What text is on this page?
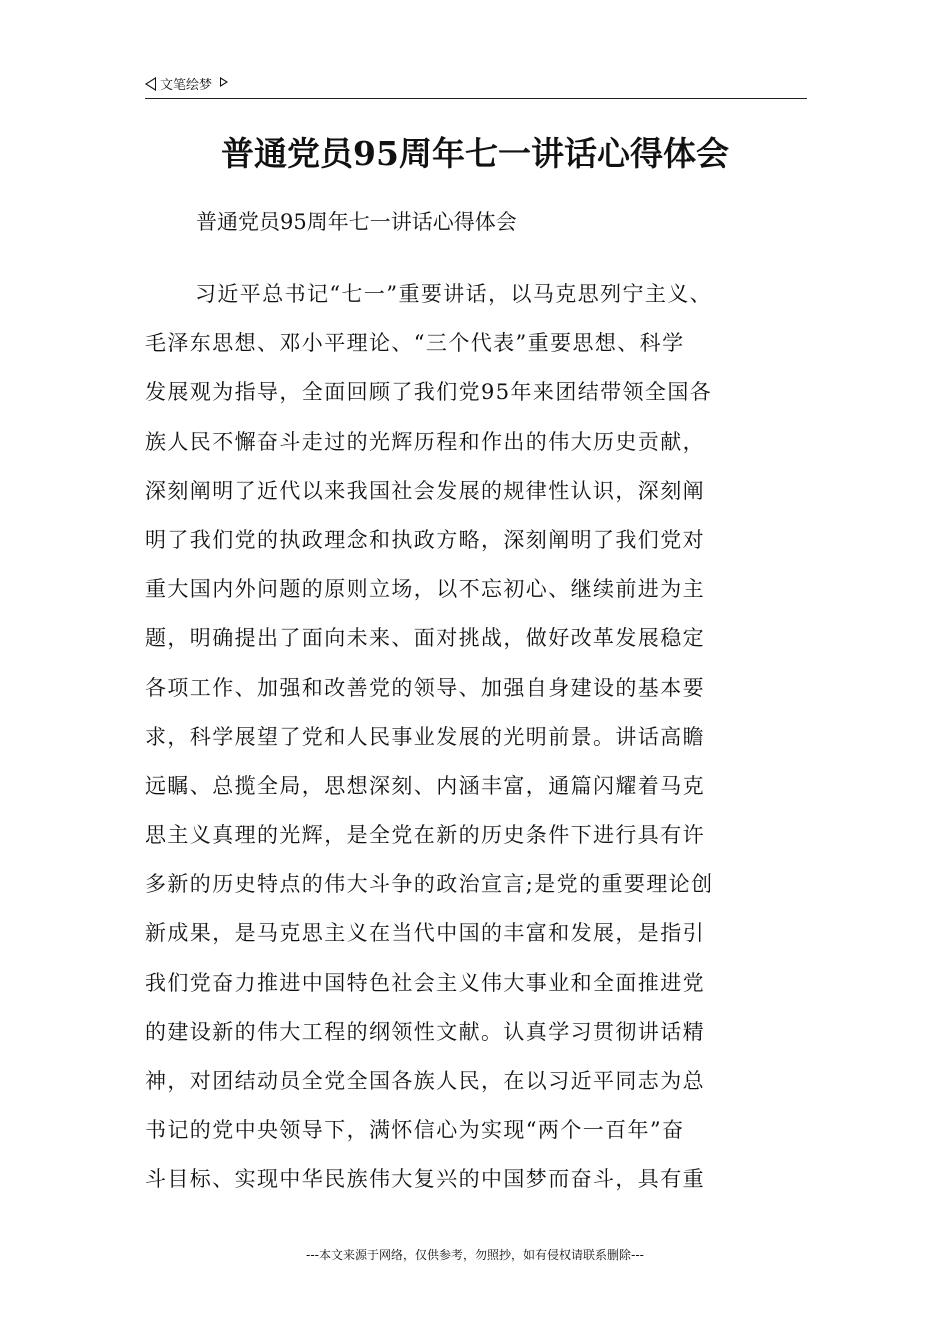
文笔绘梦
普通党员95周年七一讲话心得体会
普通党员95周年七一讲话心得体会
习近平总书记“七一”重要讲话，以马克思列宁主义、
毛泽东思想、邓小平理论、“三个代表”重要思想、科学
发展观为指导，全面回顾了我们党95年来团结带领全国各
族人民不懈奋斗走过的光辉历程和作出的伟大历史贡献，
深刻阐明了近代以来我国社会发展的规律性认识，深刻阐
明了我们党的执政理念和执政方略，深刻阐明了我们党对
重大国内外问题的原则立场，以不忘初心、继续前进为主
题，明确提出了面向未来、面对挑战，做好改革发展稳定
各项工作、加强和改善党的领导、加强自身建设的基本要
求，科学展望了党和人民事业发展的光明前景。讲话高瞻
远瞩、总揽全局，思想深刻、内涵丰富，通篇闪耀着马克
思主义真理的光辉，是全党在新的历史条件下进行具有许
多新的历史特点的伟大斗争的政治宣言;是党的重要理论创
新成果，是马克思主义在当代中国的丰富和发展，是指引
我们党奋力推进中国特色社会主义伟大事业和全面推进党
的建设新的伟大工程的纲领性文献。认真学习贯彻讲话精
神，对团结动员全党全国各族人民，在以习近平同志为总
书记的党中央领导下，满怀信心为实现“两个一百年”奋
斗目标、实现中华民族伟大复兴的中国梦而奋斗，具有重
---本文来源于网络，仅供参考，勿照抄，如有侵权请联系删除---
